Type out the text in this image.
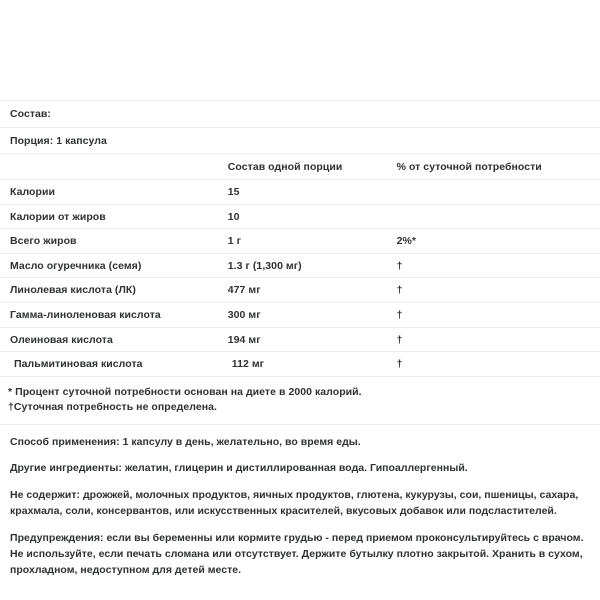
Состав:		
Порция: 1 капсула		
	Состав одной порции	% от суточной потребности
Калории	15	
Калории от жиров	10	
Всего жиров	1 г	2%*
Масло огуречника (семя)	1.3 г (1,300 мг)	†
Линолевая кислота (ЛК)	477 мг	†
Гамма-линоленовая кислота	300 мг	†
Олеиновая кислота	194 мг	†
Пальмитиновая кислота	112 мг	†
* Процент суточной потребности основан на диете в 2000 калорий.
†Суточная потребность не определена.

Способ применения: 1 капсулу в день, желательно, во время еды.

Другие ингредиенты: желатин, глицерин и дистиллированная вода. Гипоаллергенный.

Не содержит: дрожжей, молочных продуктов, яичных продуктов, глютена, кукурузы, сои, пшеницы, сахара, крахмала, соли, консервантов, или искусственных красителей, вкусовых добавок или подсластителей.

Предупреждения: если вы беременны или кормите грудью - перед приемом проконсультируйтесь с врачом. Не используйте, если печать сломана или отсутствует. Держите бутылку плотно закрытой. Хранить в сухом, прохладном, недоступном для детей месте.
